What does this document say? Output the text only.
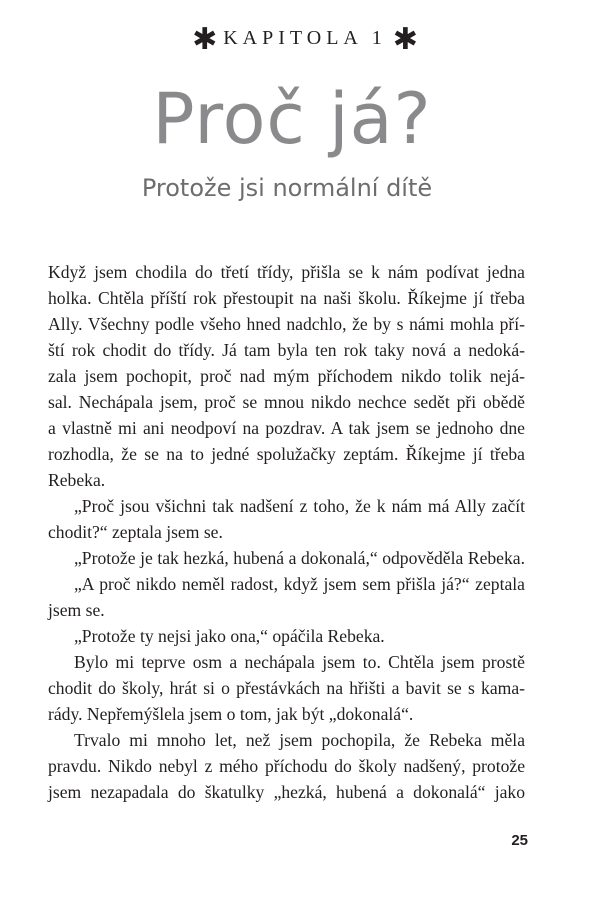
✱ KAPITOLA 1 ✱
Proč já?
Protože jsi normální dítě
Když jsem chodila do třetí třídy, přišla se k nám podívat jedna
holka. Chtěla příští rok přestoupit na naši školu. Říkejme jí třeba
Ally. Všechny podle všeho hned nadchlo, že by s námi mohla pří-
ští rok chodit do třídy. Já tam byla ten rok taky nová a nedoká-
zala jsem pochopit, proč nad mým příchodem nikdo tolik nejá-
sal. Nechápala jsem, proč se mnou nikdo nechce sedět při obědě
a vlastně mi ani neodpoví na pozdrav. A tak jsem se jednoho dne
rozhodla, že se na to jedné spolužačky zeptám. Říkejme jí třeba
Rebeka.
„Proč jsou všichni tak nadšení z toho, že k nám má Ally začít
chodit?“ zeptala jsem se.
„Protože je tak hezká, hubená a dokonalá,“ odpověděla Rebeka.
„A proč nikdo neměl radost, když jsem sem přišla já?“ zeptala
jsem se.
„Protože ty nejsi jako ona,“ opáčila Rebeka.
Bylo mi teprve osm a nechápala jsem to. Chtěla jsem prostě
chodit do školy, hrát si o přestávkách na hřišti a bavit se s kama-
rády. Nepřemýšlela jsem o tom, jak být „dokonalá“.
Trvalo mi mnoho let, než jsem pochopila, že Rebeka měla
pravdu. Nikdo nebyl z mého příchodu do školy nadšený, protože
jsem nezapadala do škatulky „hezká, hubená a dokonalá“ jako
25
